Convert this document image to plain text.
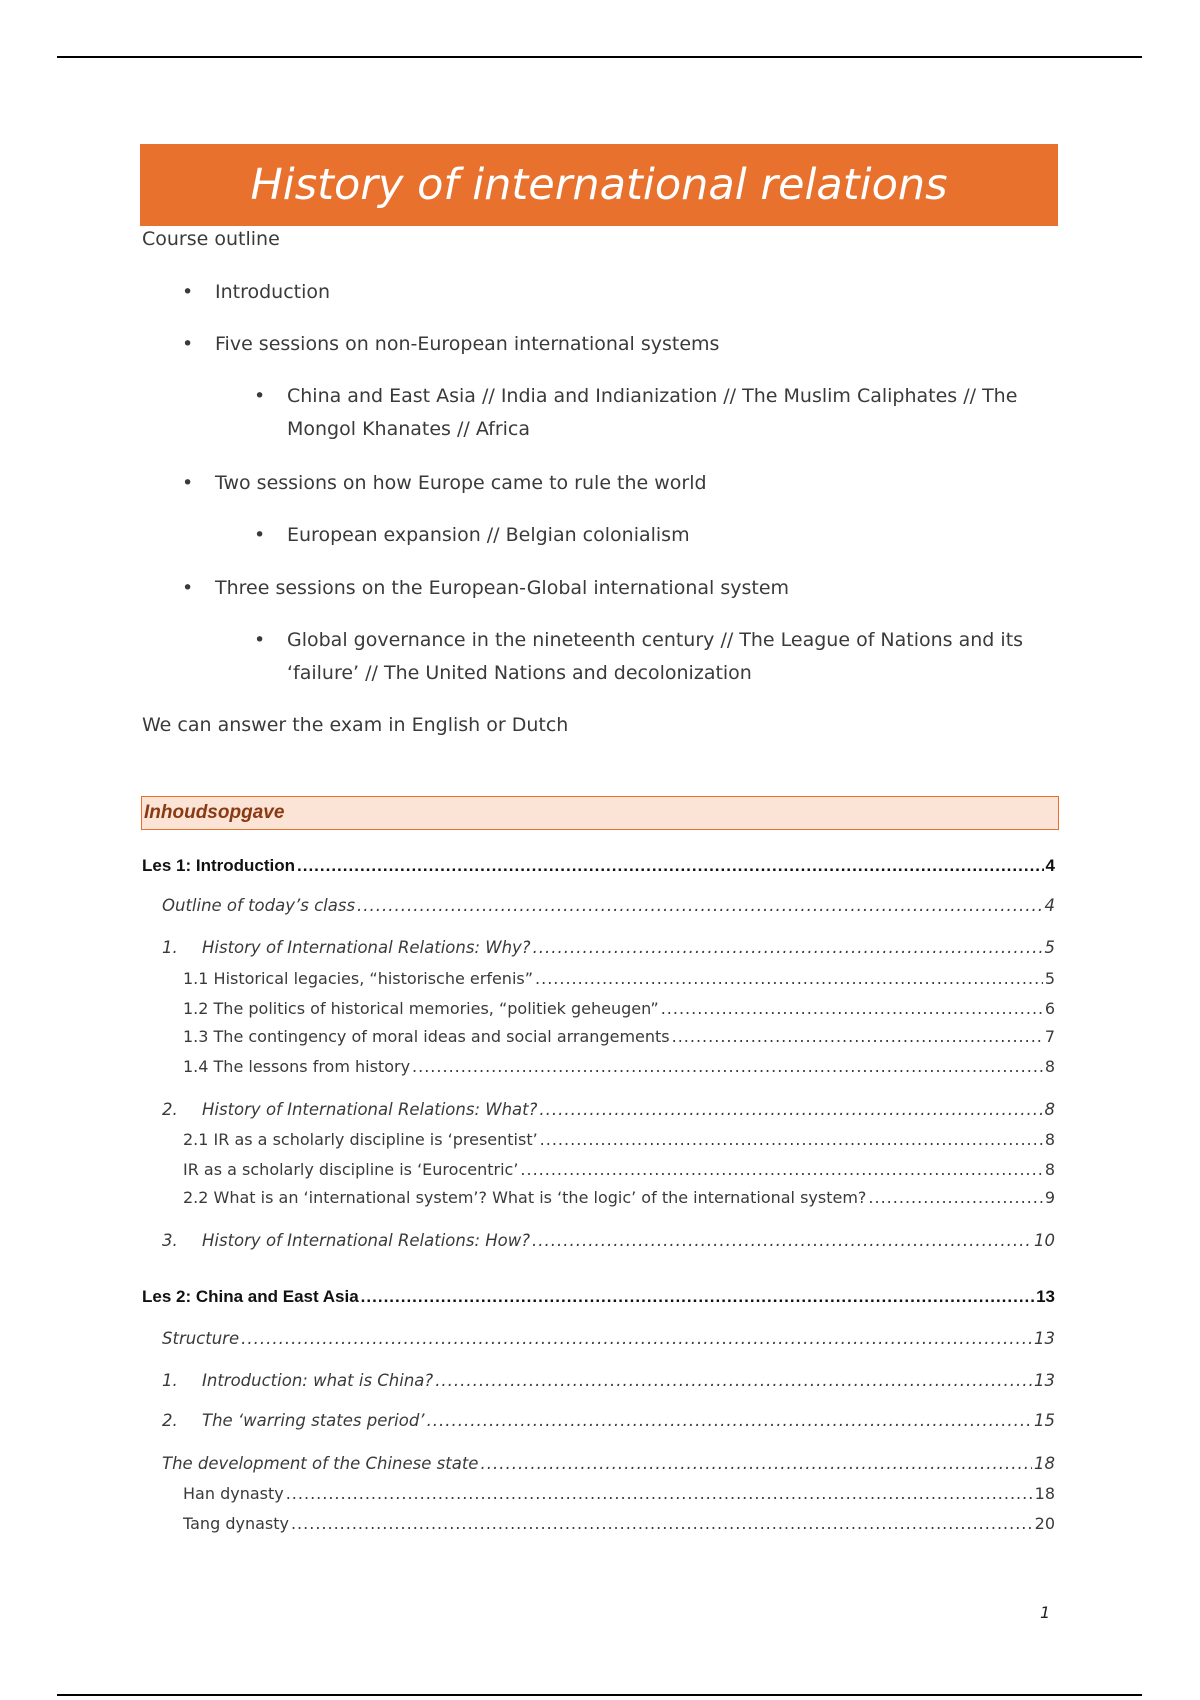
History of international relations
Course outline
• Introduction
• Five sessions on non-European international systems
• China and East Asia // India and Indianization // The Muslim Caliphates // The Mongol Khanates // Africa
• Two sessions on how Europe came to rule the world
• European expansion // Belgian colonialism
• Three sessions on the European-Global international system
• Global governance in the nineteenth century // The League of Nations and its ‘failure’ // The United Nations and decolonization
We can answer the exam in English or Dutch
Inhoudsopgave
Les 1: Introduction .....	4
Outline of today’s class .....	4
1.	History of International Relations: Why? .....	5
1.1 Historical legacies, “historische erfenis” .....	5
1.2 The politics of historical memories, “politiek geheugen” .....	6
1.3 The contingency of moral ideas and social arrangements .....	7
1.4 The lessons from history .....	8
2.	History of International Relations: What? .....	8
2.1 IR as a scholarly discipline is ‘presentist’ .....	8
IR as a scholarly discipline is ‘Eurocentric’ .....	8
2.2 What is an ‘international system’? What is ‘the logic’ of the international system? .....	9
3.	History of International Relations: How? .....	10
Les 2: China and East Asia .....	13
Structure .....	13
1.	Introduction: what is China? .....	13
2.	The ‘warring states period’ .....	15
The development of the Chinese state .....	18
Han dynasty .....	18
Tang dynasty .....	20
1
